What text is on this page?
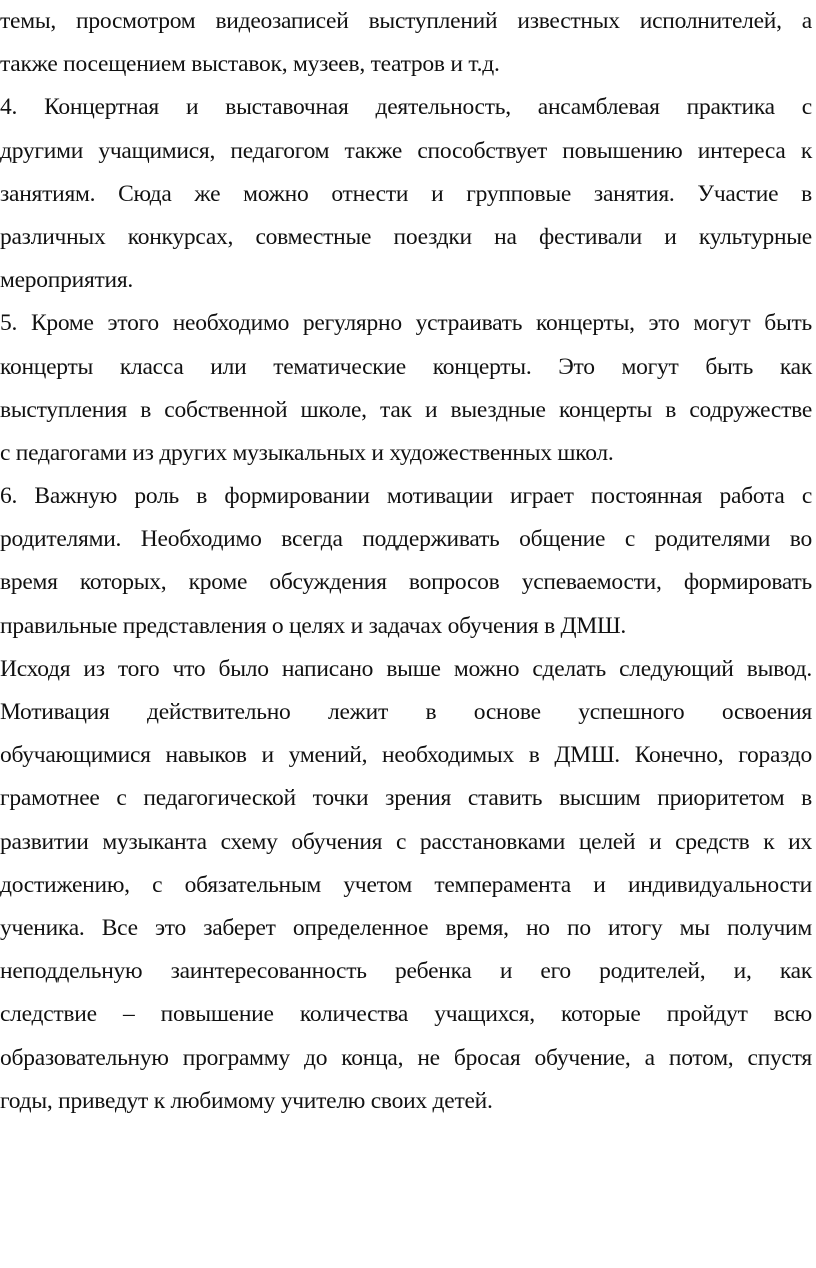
темы, просмотром видеозаписей выступлений известных исполнителей, а
также посещением выставок, музеев, театров и т.д.
4. Концертная и выставочная деятельность, ансамблевая практика с
другими учащимися, педагогом также способствует повышению интереса к
занятиям. Сюда же можно отнести и групповые занятия. Участие в
различных конкурсах, совместные поездки на фестивали и культурные
мероприятия.
5. Кроме этого необходимо регулярно устраивать концерты, это могут быть
концерты класса или тематические концерты. Это могут быть как
выступления в собственной школе, так и выездные концерты в содружестве
с педагогами из других музыкальных и художественных школ.
6. Важную роль в формировании мотивации играет постоянная работа с
родителями. Необходимо всегда поддерживать общение с родителями во
время которых, кроме обсуждения вопросов успеваемости, формировать
правильные представления о целях и задачах обучения в ДМШ.
Исходя из того что было написано выше можно сделать следующий вывод.
Мотивация действительно лежит в основе успешного освоения
обучающимися навыков и умений, необходимых в ДМШ. Конечно, гораздо
грамотнее с педагогической точки зрения ставить высшим приоритетом в
развитии музыканта схему обучения с расстановками целей и средств к их
достижению, с обязательным учетом темперамента и индивидуальности
ученика. Все это заберет определенное время, но по итогу мы получим
неподдельную заинтересованность ребенка и его родителей, и, как
следствие – повышение количества учащихся, которые пройдут всю
образовательную программу до конца, не бросая обучение, а потом, спустя
годы, приведут к любимому учителю своих детей.
